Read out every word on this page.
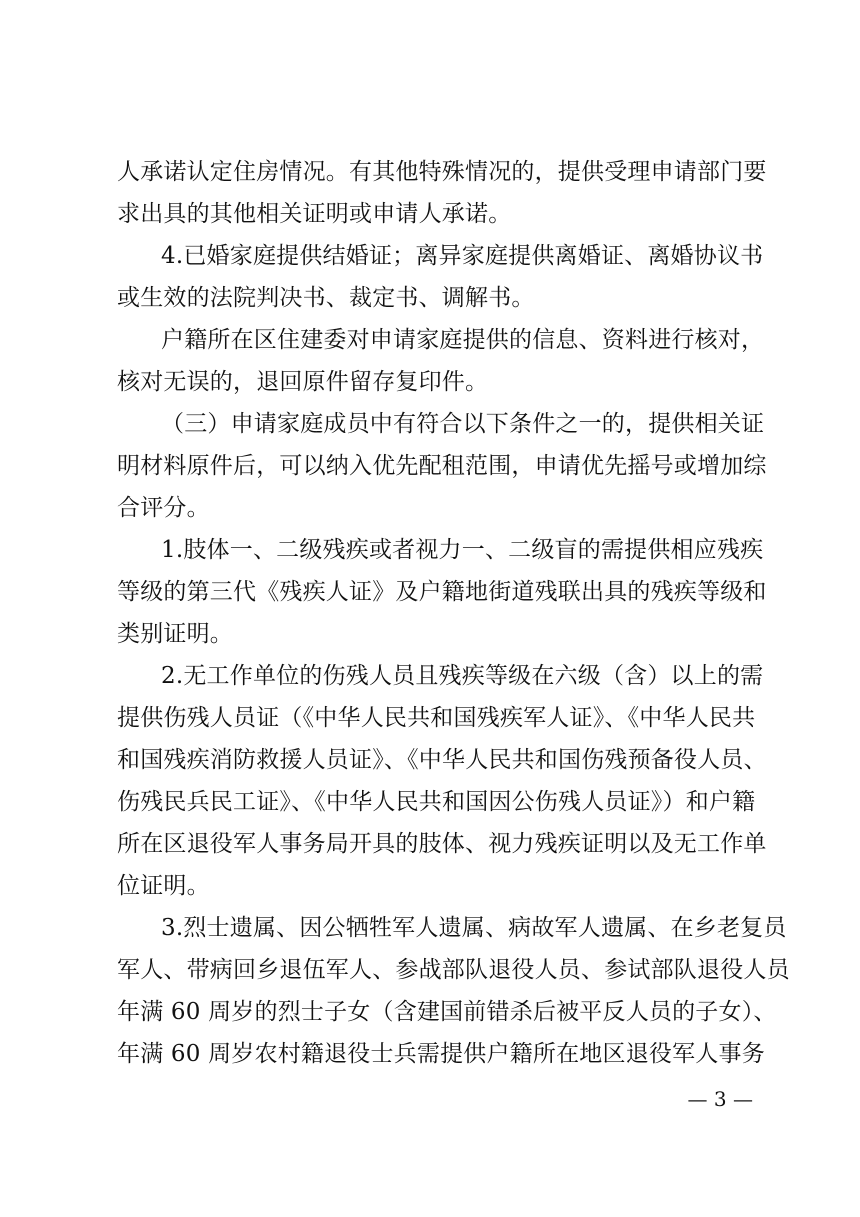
人承诺认定住房情况。有其他特殊情况的，提供受理申请部门要
求出具的其他相关证明或申请人承诺。
4.已婚家庭提供结婚证；离异家庭提供离婚证、离婚协议书
或生效的法院判决书、裁定书、调解书。
户籍所在区住建委对申请家庭提供的信息、资料进行核对，
核对无误的，退回原件留存复印件。
（三）申请家庭成员中有符合以下条件之一的，提供相关证
明材料原件后，可以纳入优先配租范围，申请优先摇号或增加综
合评分。
1.肢体一、二级残疾或者视力一、二级盲的需提供相应残疾
等级的第三代《残疾人证》及户籍地街道残联出具的残疾等级和
类别证明。
2.无工作单位的伤残人员且残疾等级在六级（含）以上的需
提供伤残人员证（《中华人民共和国残疾军人证》、《中华人民共
和国残疾消防救援人员证》、《中华人民共和国伤残预备役人员、
伤残民兵民工证》、《中华人民共和国因公伤残人员证》）和户籍
所在区退役军人事务局开具的肢体、视力残疾证明以及无工作单
位证明。
3.烈士遗属、因公牺牲军人遗属、病故军人遗属、在乡老复员
军人、带病回乡退伍军人、参战部队退役人员、参试部队退役人员
年满 60 周岁的烈士子女（含建国前错杀后被平反人员的子女）、
年满 60 周岁农村籍退役士兵需提供户籍所在地区退役军人事务
— 3 —
